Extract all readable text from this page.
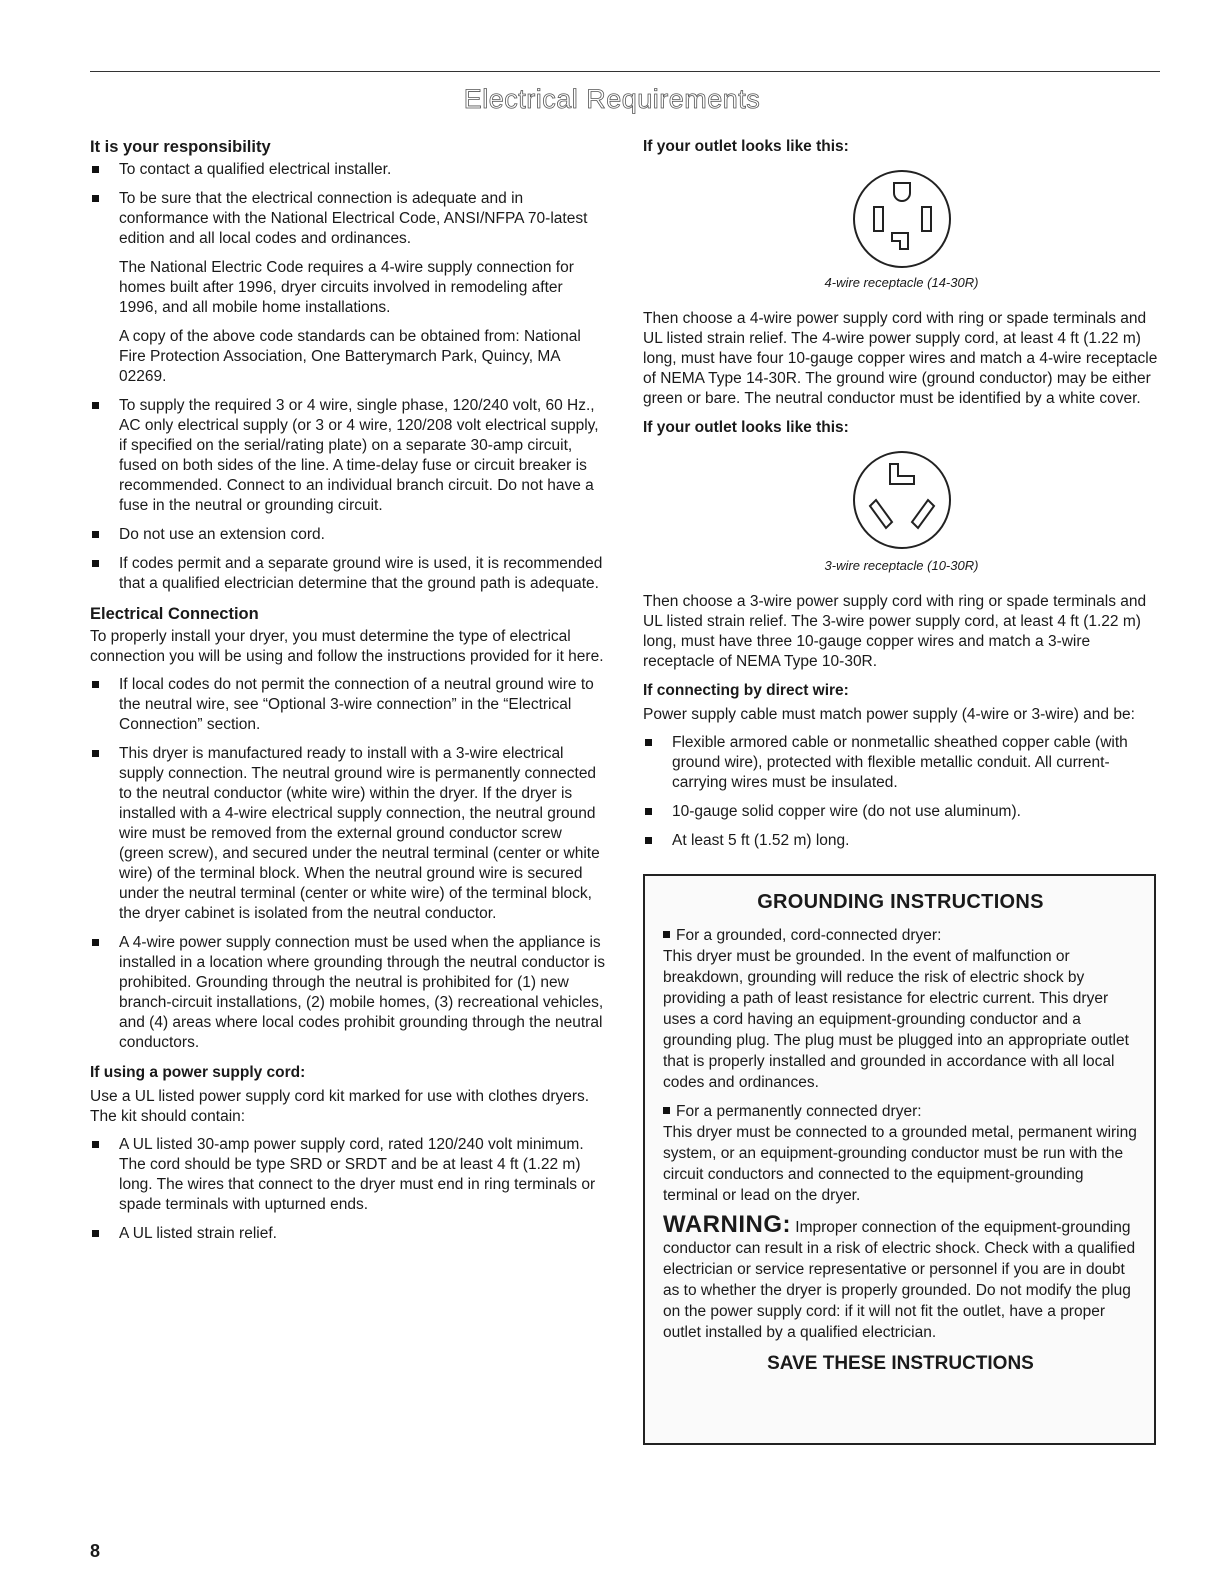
Electrical Requirements
It is your responsibility
To contact a qualified electrical installer.
To be sure that the electrical connection is adequate and in conformance with the National Electrical Code, ANSI/NFPA 70-latest edition and all local codes and ordinances.

The National Electric Code requires a 4-wire supply connection for homes built after 1996, dryer circuits involved in remodeling after 1996, and all mobile home installations.

A copy of the above code standards can be obtained from: National Fire Protection Association, One Batterymarch Park, Quincy, MA 02269.

To supply the required 3 or 4 wire, single phase, 120/240 volt, 60 Hz., AC only electrical supply (or 3 or 4 wire, 120/208 volt electrical supply, if specified on the serial/rating plate) on a separate 30-amp circuit, fused on both sides of the line. A time-delay fuse or circuit breaker is recommended. Connect to an individual branch circuit. Do not have a fuse in the neutral or grounding circuit.
Do not use an extension cord.
If codes permit and a separate ground wire is used, it is recommended that a qualified electrician determine that the ground path is adequate.
Electrical Connection

To properly install your dryer, you must determine the type of electrical connection you will be using and follow the instructions provided for it here.

If local codes do not permit the connection of a neutral ground wire to the neutral wire, see “Optional 3-wire connection” in the “Electrical Connection” section.
This dryer is manufactured ready to install with a 3-wire electrical supply connection. The neutral ground wire is permanently connected to the neutral conductor (white wire) within the dryer. If the dryer is installed with a 4-wire electrical supply connection, the neutral ground wire must be removed from the external ground conductor screw (green screw), and secured under the neutral terminal (center or white wire) of the terminal block. When the neutral ground wire is secured under the neutral terminal (center or white wire) of the terminal block, the dryer cabinet is isolated from the neutral conductor.
A 4-wire power supply connection must be used when the appliance is installed in a location where grounding through the neutral conductor is prohibited. Grounding through the neutral is prohibited for (1) new branch-circuit installations, (2) mobile homes, (3) recreational vehicles, and (4) areas where local codes prohibit grounding through the neutral conductors.
If using a power supply cord:

Use a UL listed power supply cord kit marked for use with clothes dryers. The kit should contain:

A UL listed 30-amp power supply cord, rated 120/240 volt minimum. The cord should be type SRD or SRDT and be at least 4 ft (1.22 m) long. The wires that connect to the dryer must end in ring terminals or spade terminals with upturned ends.
A UL listed strain relief.
If your outlet looks like this:
4-wire receptacle (14-30R)

Then choose a 4-wire power supply cord with ring or spade terminals and UL listed strain relief. The 4-wire power supply cord, at least 4 ft (1.22 m) long, must have four 10-gauge copper wires and match a 4-wire receptacle of NEMA Type 14-30R. The ground wire (ground conductor) may be either green or bare. The neutral conductor must be identified by a white cover.

If your outlet looks like this:
3-wire receptacle (10-30R)

Then choose a 3-wire power supply cord with ring or spade terminals and UL listed strain relief. The 3-wire power supply cord, at least 4 ft (1.22 m) long, must have three 10-gauge copper wires and match a 3-wire receptacle of NEMA Type 10-30R.

If connecting by direct wire:

Power supply cable must match power supply (4-wire or 3-wire) and be:

Flexible armored cable or nonmetallic sheathed copper cable (with ground wire), protected with flexible metallic conduit. All current-carrying wires must be insulated.
10-gauge solid copper wire (do not use aluminum).
At least 5 ft (1.52 m) long.
GROUNDING INSTRUCTIONS

For a grounded, cord-connected dryer:
This dryer must be grounded. In the event of malfunction or breakdown, grounding will reduce the risk of electric shock by providing a path of least resistance for electric current. This dryer uses a cord having an equipment-grounding conductor and a grounding plug. The plug must be plugged into an appropriate outlet that is properly installed and grounded in accordance with all local codes and ordinances.

For a permanently connected dryer:
This dryer must be connected to a grounded metal, permanent wiring system, or an equipment-grounding conductor must be run with the circuit conductors and connected to the equipment-grounding terminal or lead on the dryer.

WARNING: Improper connection of the equipment-grounding conductor can result in a risk of electric shock. Check with a qualified electrician or service representative or personnel if you are in doubt as to whether the dryer is properly grounded. Do not modify the plug on the power supply cord: if it will not fit the outlet, have a proper outlet installed by a qualified electrician.

SAVE THESE INSTRUCTIONS
8
